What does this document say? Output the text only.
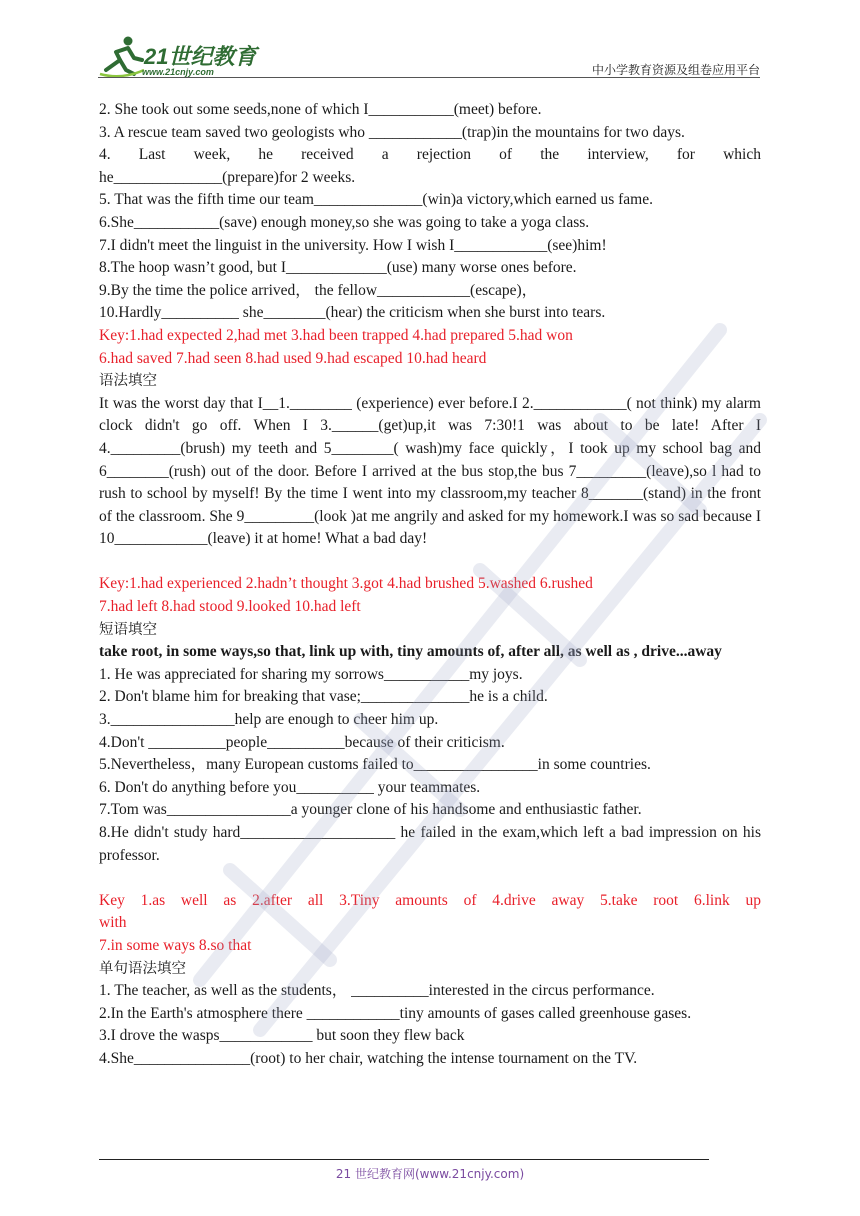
21世纪教育
www.21cnjy.com	中小学教育资源及组卷应用平台
2. She took out some seeds,none of which I___________(meet) before.
3. A rescue team saved two geologists who ____________(trap)in the mountains for two days.
4. Last week, he received a rejection of the interview, for which
he______________(prepare)for 2 weeks.
5. That was the fifth time our team______________(win)a victory,which earned us fame.
6.She___________(save) enough money,so she was going to take a yoga class.
7.I didn't meet the linguist in the university. How I wish I____________(see)him!
8.The hoop wasn’t good, but I_____________(use) many worse ones before.
9.By the time the police arrived， the fellow____________(escape)，
10.Hardly__________ she________(hear) the criticism when she burst into tears.
Key:1.had expected 2,had met 3.had been trapped 4.had prepared 5.had won
6.had saved 7.had seen 8.had used 9.had escaped 10.had heard
语法填空
It was the worst day that I__1.________ (experience) ever before.I 2.____________( not think) my alarm clock didn't go off. When I 3.______(get)up,it was 7:30!1 was about to be late! After I 4._________(brush) my teeth and 5________( wash)my face quickly，I took up my school bag and 6________(rush) out of the door. Before I arrived at the bus stop,the bus 7_________(leave),so l had to rush to school by myself! By the time I went into my classroom,my teacher 8_______(stand) in the front of the classroom. She 9_________(look )at me angrily and asked for my homework.I was so sad because I 10____________(leave) it at home! What a bad day!
Key:1.had experienced 2.hadn’t thought 3.got 4.had brushed 5.washed 6.rushed
7.had left 8.had stood 9.looked 10.had left
短语填空
take root, in some ways,so that, link up with, tiny amounts of, after all, as well as , drive...away
1. He was appreciated for sharing my sorrows___________my joys.
2. Don't blame him for breaking that vase;______________he is a child.
3.________________help are enough to cheer him up.
4.Don't __________people__________because of their criticism.
5.Nevertheless，many European customs failed to________________in some countries.
6. Don't do anything before you__________ your teammates.
7.Tom was________________a younger clone of his handsome and enthusiastic father.
8.He didn't study hard____________________ he failed in the exam,which left a bad impression on his professor.
Key 1.as well as 2.after all 3.Tiny amounts of 4.drive away 5.take root 6.link up
with
7.in some ways 8.so that
单句语法填空
1. The teacher, as well as the students， __________interested in the circus performance.
2.In the Earth's atmosphere there ____________tiny amounts of gases called greenhouse gases.
3.I drove the wasps____________ but soon they flew back
4.She_______________(root) to her chair, watching the intense tournament on the TV.
21 世纪教育网(www.21cnjy.com)
